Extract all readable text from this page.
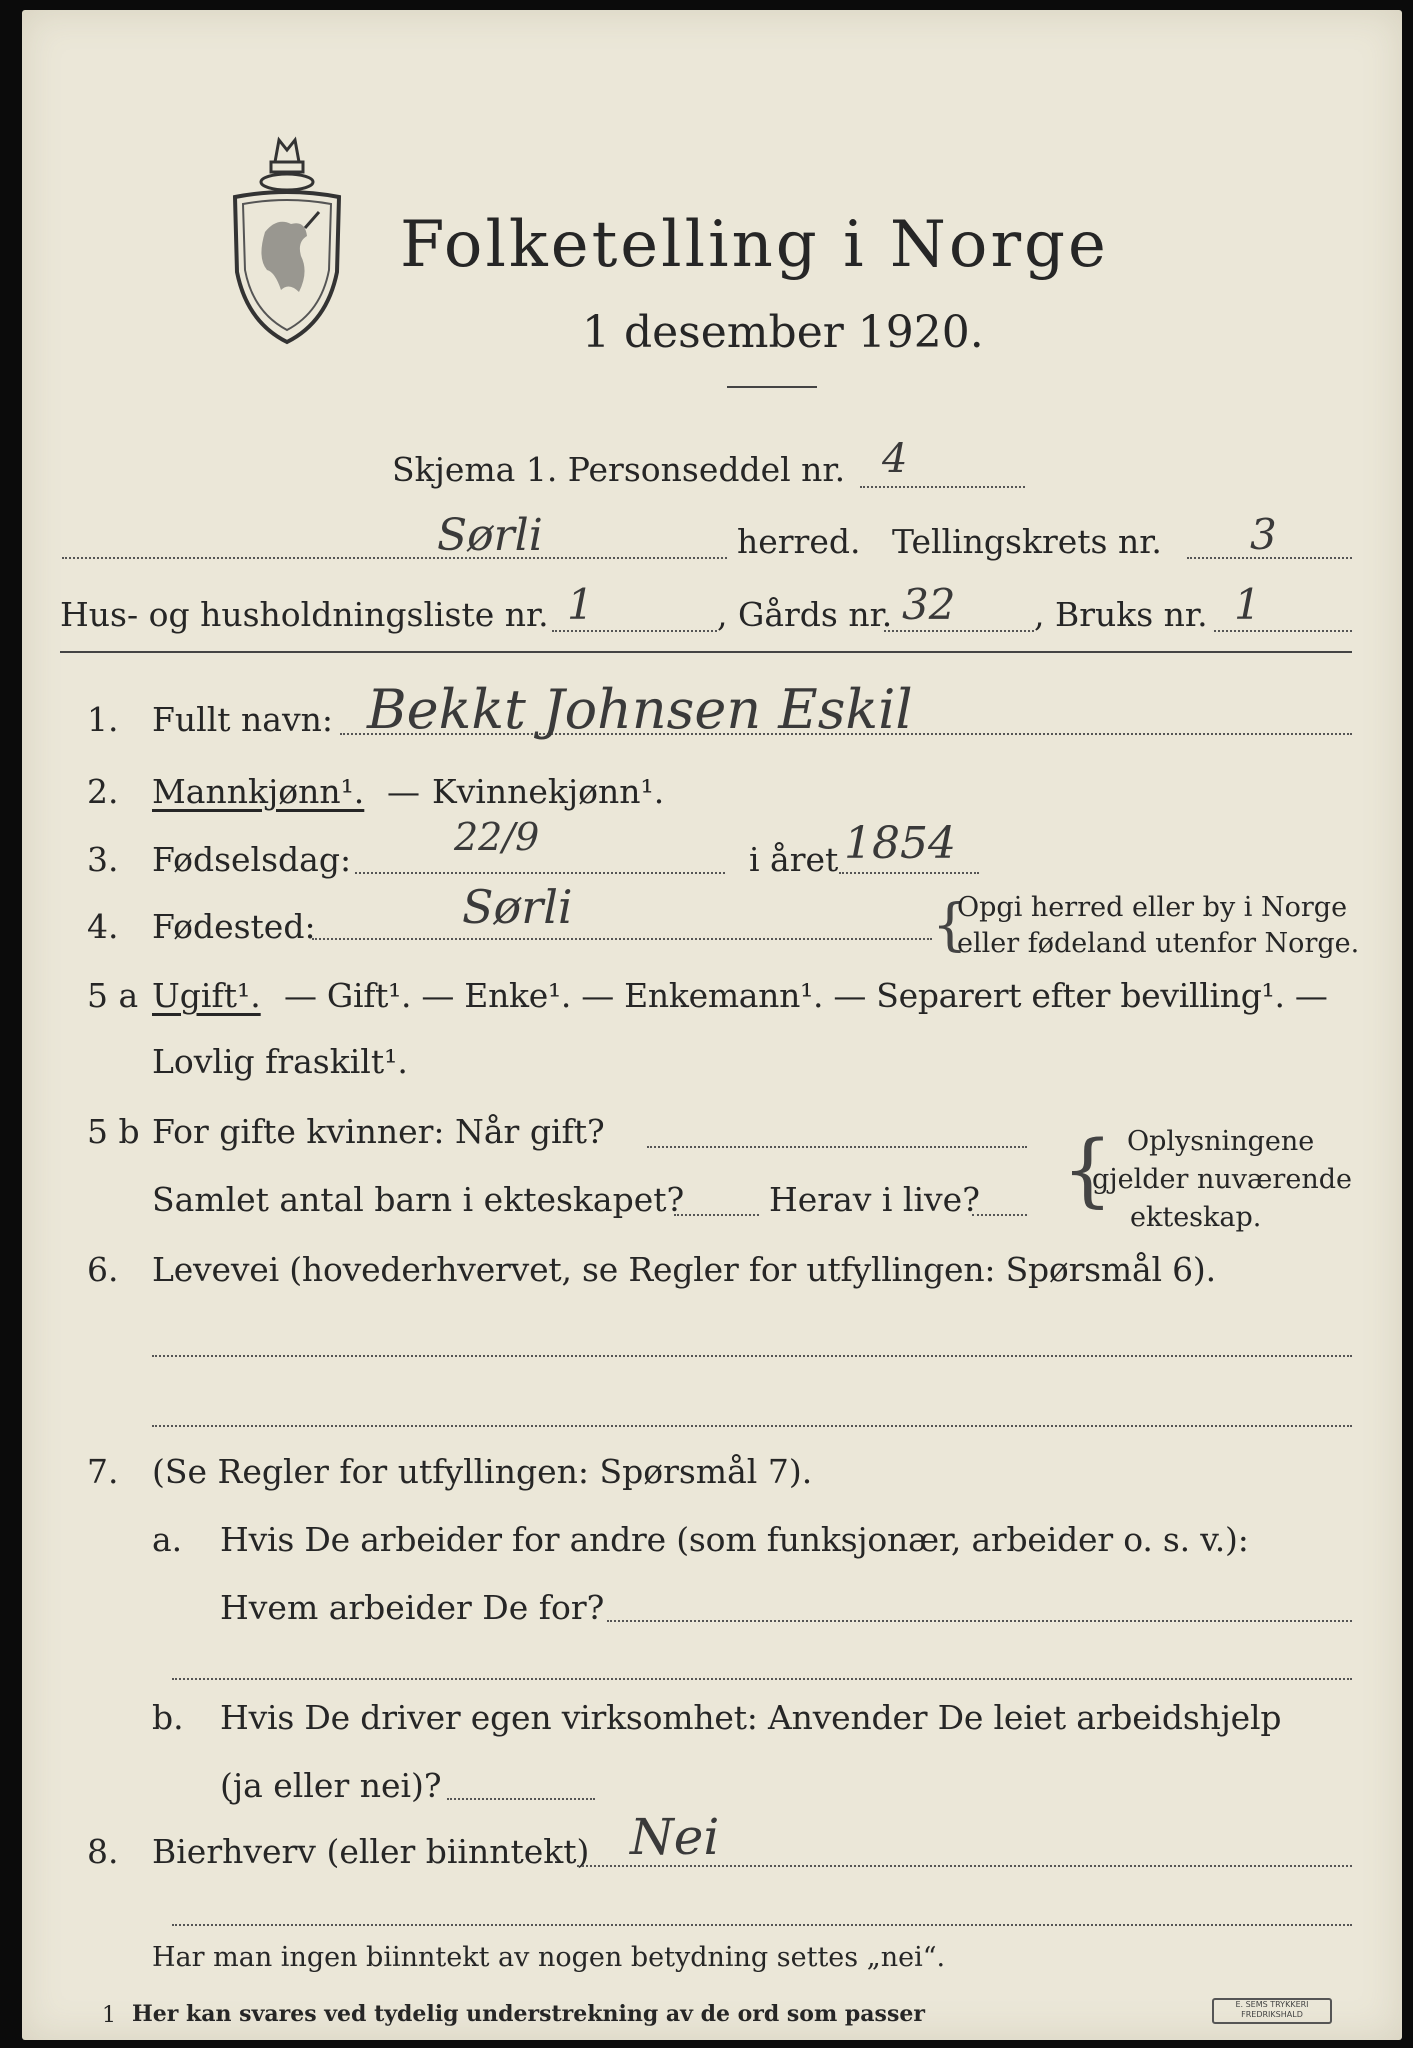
Folketelling i Norge
1 desember 1920.
Skjema 1. Personseddel nr. 4
Sørli	herred. Tellingskrets nr. 3
Hus- og husholdningsliste nr. 1	, Gårds nr. 32 , Bruks nr. 1
1. Fullt navn: Bekkt Johnsen Eskil
2. Mannkjønn¹. — Kvinnekjønn¹.
3. Fødselsdag:
22/9
i året 1854
4. Fødested:	Sørli	{
Opgi herred eller by i Norge
eller fødeland utenfor Norge.
5 a Ugift¹. — Gift¹. — Enke¹. — Enkemann¹. — Separert efter bevilling¹. —
Lovlig fraskilt¹.
5 b For gifte kvinner: Når gift?
Samlet antal barn i ekteskapet?	Herav i live? { Oplysningene
gjelder nuværende
ekteskap.
6. Levevei (hovederhvervet, se Regler for utfyllingen: Spørsmål 6).
7. (Se Regler for utfyllingen: Spørsmål 7).
a. Hvis De arbeider for andre (som funksjonær, arbeider o. s. v.):
Hvem arbeider De for?
b. Hvis De driver egen virksomhet: Anvender De leiet arbeidshjelp
(ja eller nei)?
8. Bierhverv (eller biinntekt) Nei
Har man ingen biinntekt av nogen betydning settes „nei“.
1 Her kan svares ved tydelig understrekning av de ord som passer	E. SEMS TRYKKERI FREDRIKSHALD
